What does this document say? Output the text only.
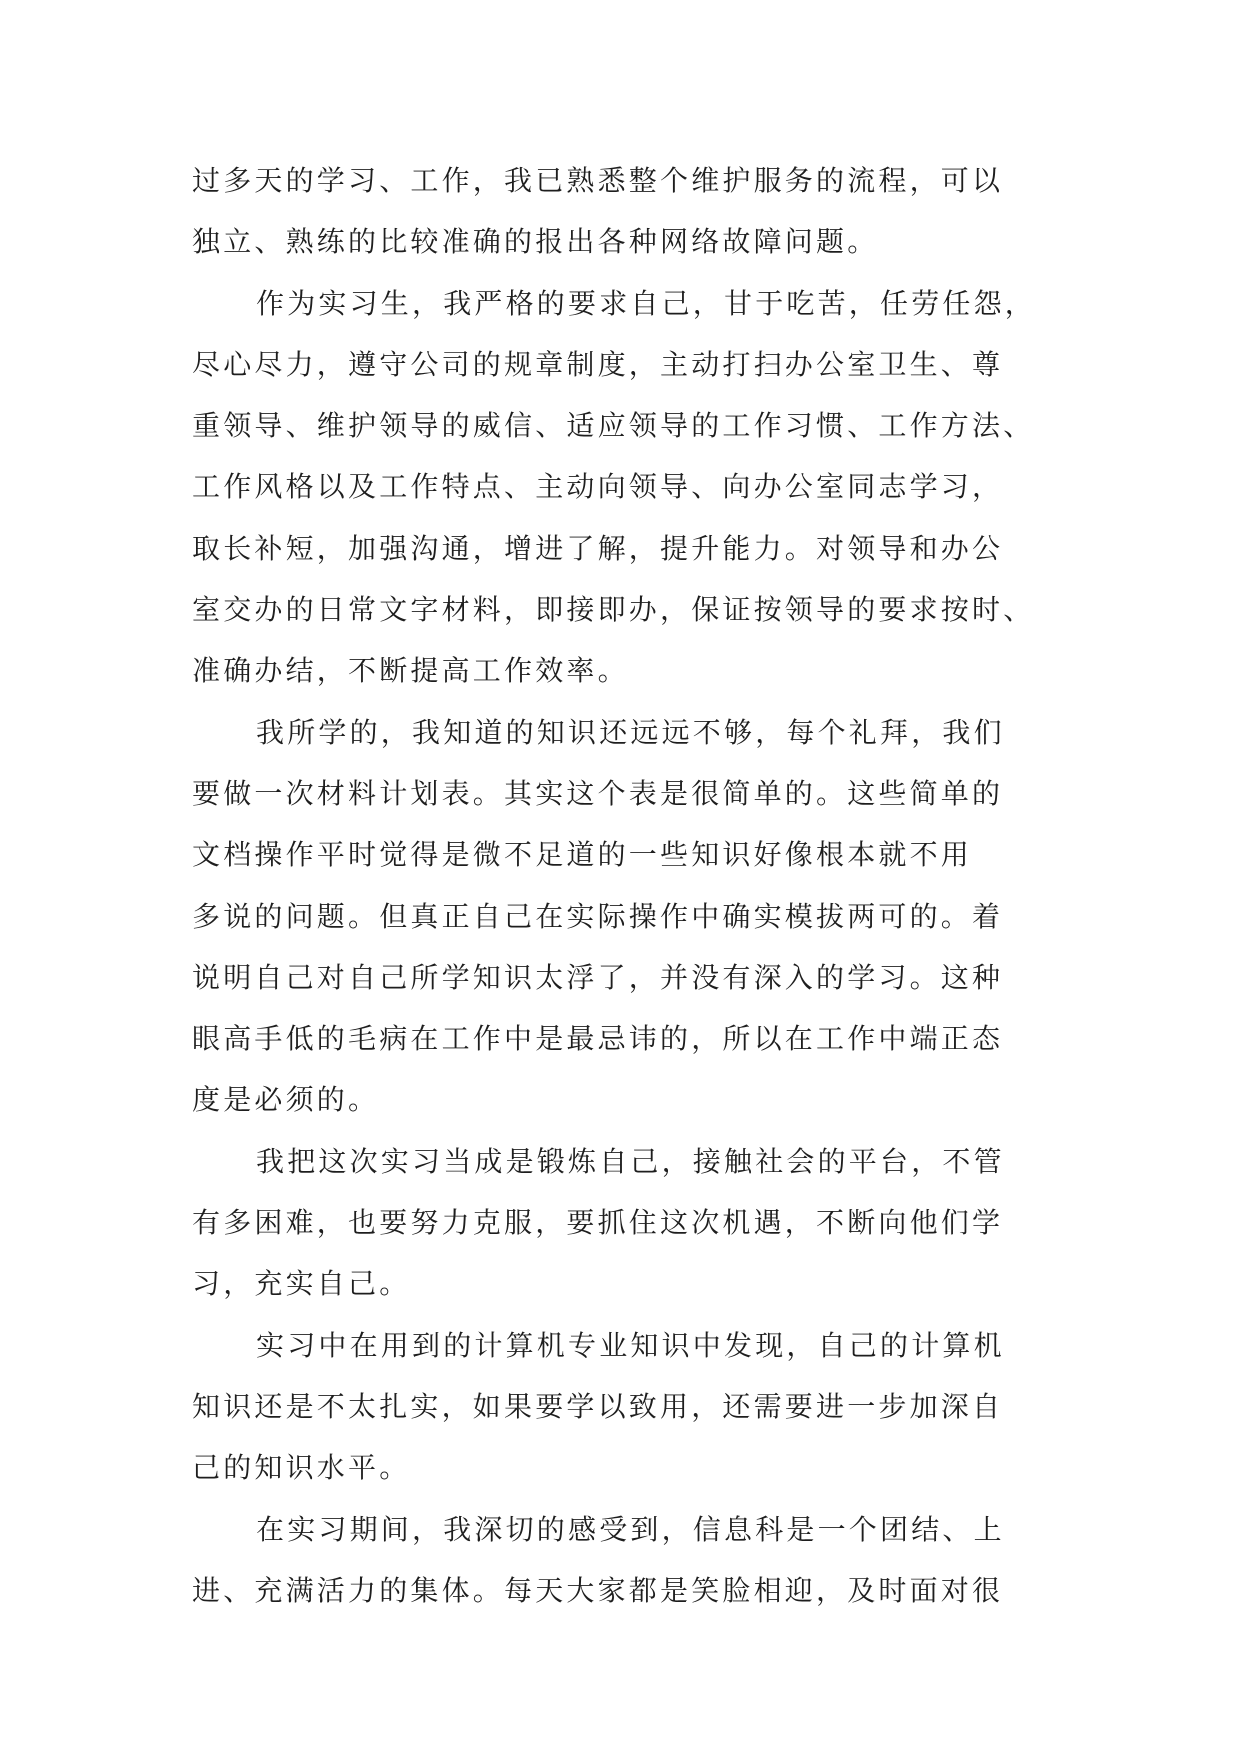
过多天的学习、工作，我已熟悉整个维护服务的流程，可以
独立、熟练的比较准确的报出各种网络故障问题。
作为实习生，我严格的要求自己，甘于吃苦，任劳任怨，
尽心尽力，遵守公司的规章制度，主动打扫办公室卫生、尊
重领导、维护领导的威信、适应领导的工作习惯、工作方法、
工作风格以及工作特点、主动向领导、向办公室同志学习，
取长补短，加强沟通，增进了解，提升能力。对领导和办公
室交办的日常文字材料，即接即办，保证按领导的要求按时、
准确办结，不断提高工作效率。
我所学的，我知道的知识还远远不够，每个礼拜，我们
要做一次材料计划表。其实这个表是很简单的。这些简单的
文档操作平时觉得是微不足道的一些知识好像根本就不用
多说的问题。但真正自己在实际操作中确实模拔两可的。着
说明自己对自己所学知识太浮了，并没有深入的学习。这种
眼高手低的毛病在工作中是最忌讳的，所以在工作中端正态
度是必须的。
我把这次实习当成是锻炼自己，接触社会的平台，不管
有多困难，也要努力克服，要抓住这次机遇，不断向他们学
习，充实自己。
实习中在用到的计算机专业知识中发现，自己的计算机
知识还是不太扎实，如果要学以致用，还需要进一步加深自
己的知识水平。
在实习期间，我深切的感受到，信息科是一个团结、上
进、充满活力的集体。每天大家都是笑脸相迎，及时面对很
